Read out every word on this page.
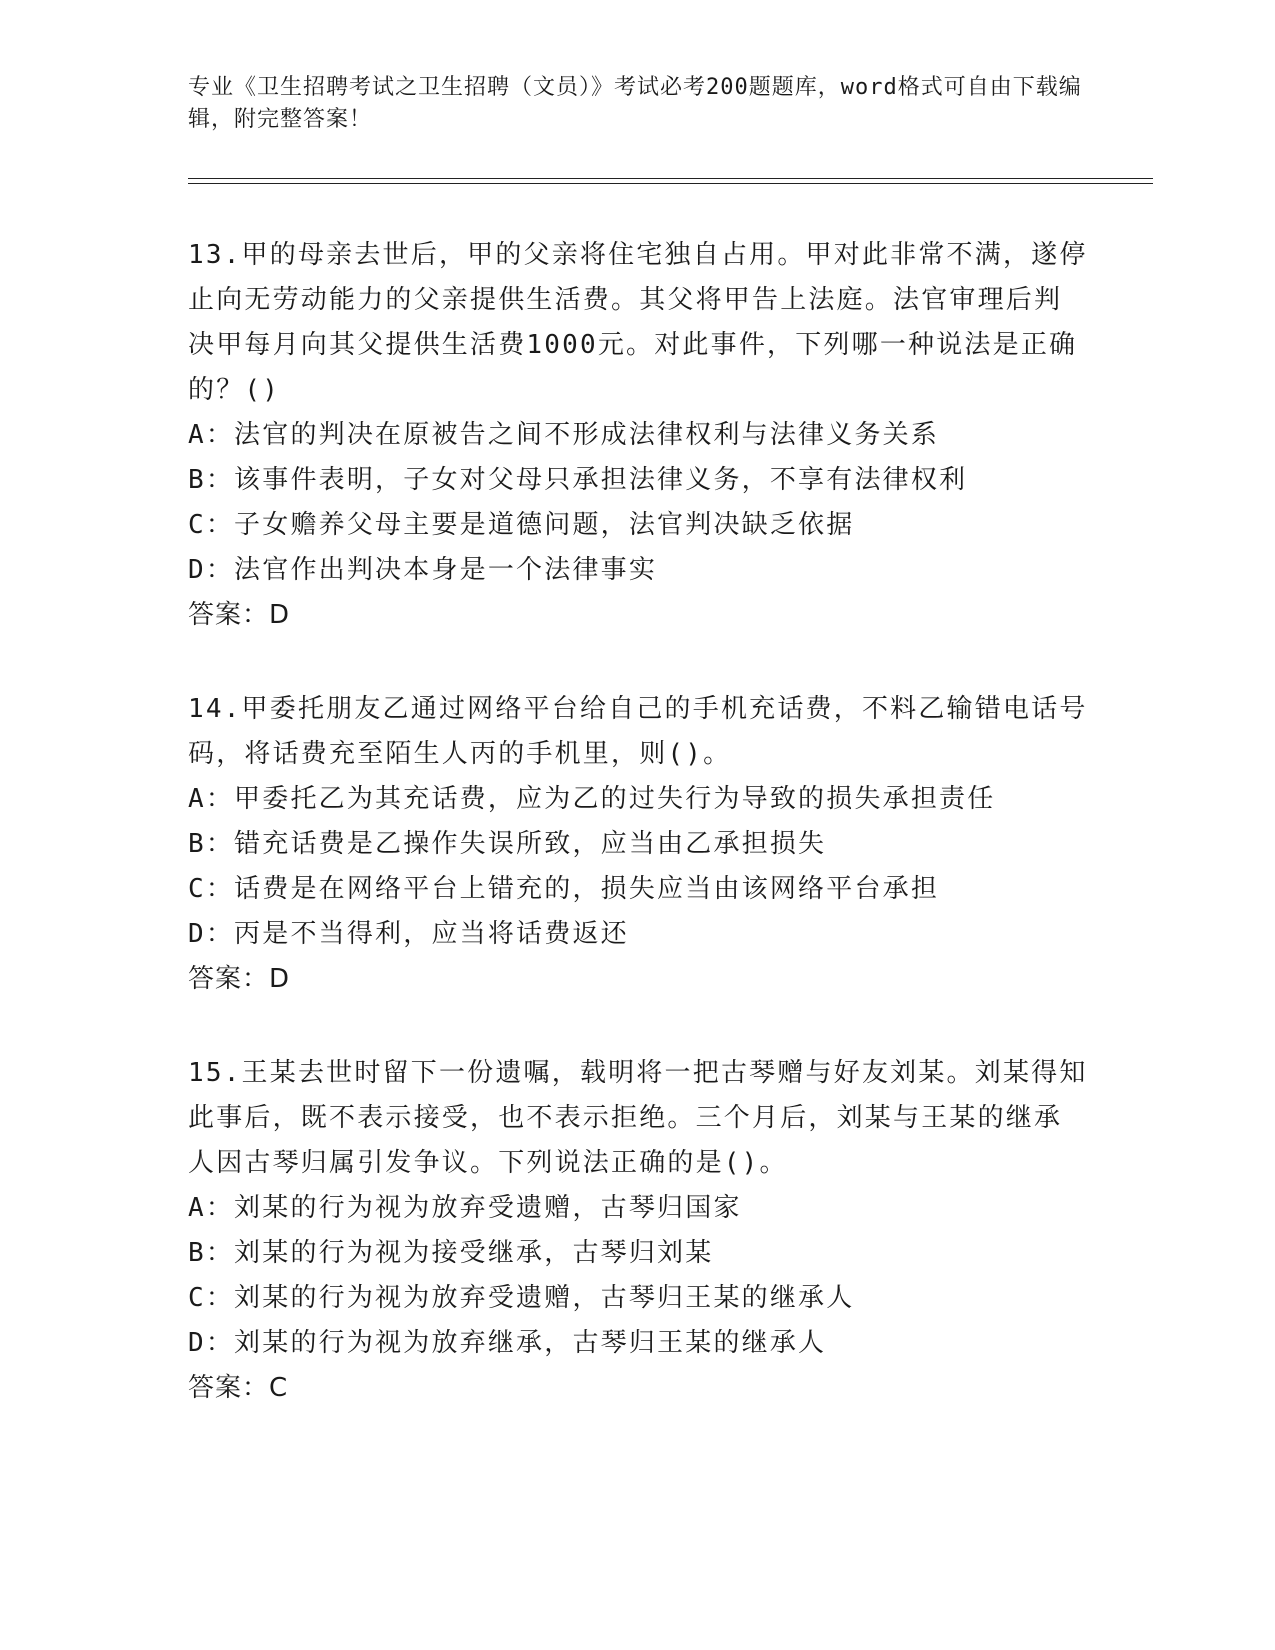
专业《卫生招聘考试之卫生招聘（文员）》考试必考200题题库，word格式可自由下载编辑，附完整答案！

13.甲的母亲去世后，甲的父亲将住宅独自占用。甲对此非常不满，遂停止向无劳动能力的父亲提供生活费。其父将甲告上法庭。法官审理后判决甲每月向其父提供生活费1000元。对此事件，下列哪一种说法是正确的？()

A：法官的判决在原被告之间不形成法律权利与法律义务关系
B：该事件表明，子女对父母只承担法律义务，不享有法律权利
C：子女赡养父母主要是道德问题，法官判决缺乏依据
D：法官作出判决本身是一个法律事实
答案：D

14.甲委托朋友乙通过网络平台给自己的手机充话费，不料乙输错电话号码，将话费充至陌生人丙的手机里，则()。

A：甲委托乙为其充话费，应为乙的过失行为导致的损失承担责任
B：错充话费是乙操作失误所致，应当由乙承担损失
C：话费是在网络平台上错充的，损失应当由该网络平台承担
D：丙是不当得利，应当将话费返还
答案：D

15.王某去世时留下一份遗嘱，载明将一把古琴赠与好友刘某。刘某得知此事后，既不表示接受，也不表示拒绝。三个月后，刘某与王某的继承人因古琴归属引发争议。下列说法正确的是()。

A：刘某的行为视为放弃受遗赠，古琴归国家
B：刘某的行为视为接受继承，古琴归刘某
C：刘某的行为视为放弃受遗赠，古琴归王某的继承人
D：刘某的行为视为放弃继承，古琴归王某的继承人
答案：C
